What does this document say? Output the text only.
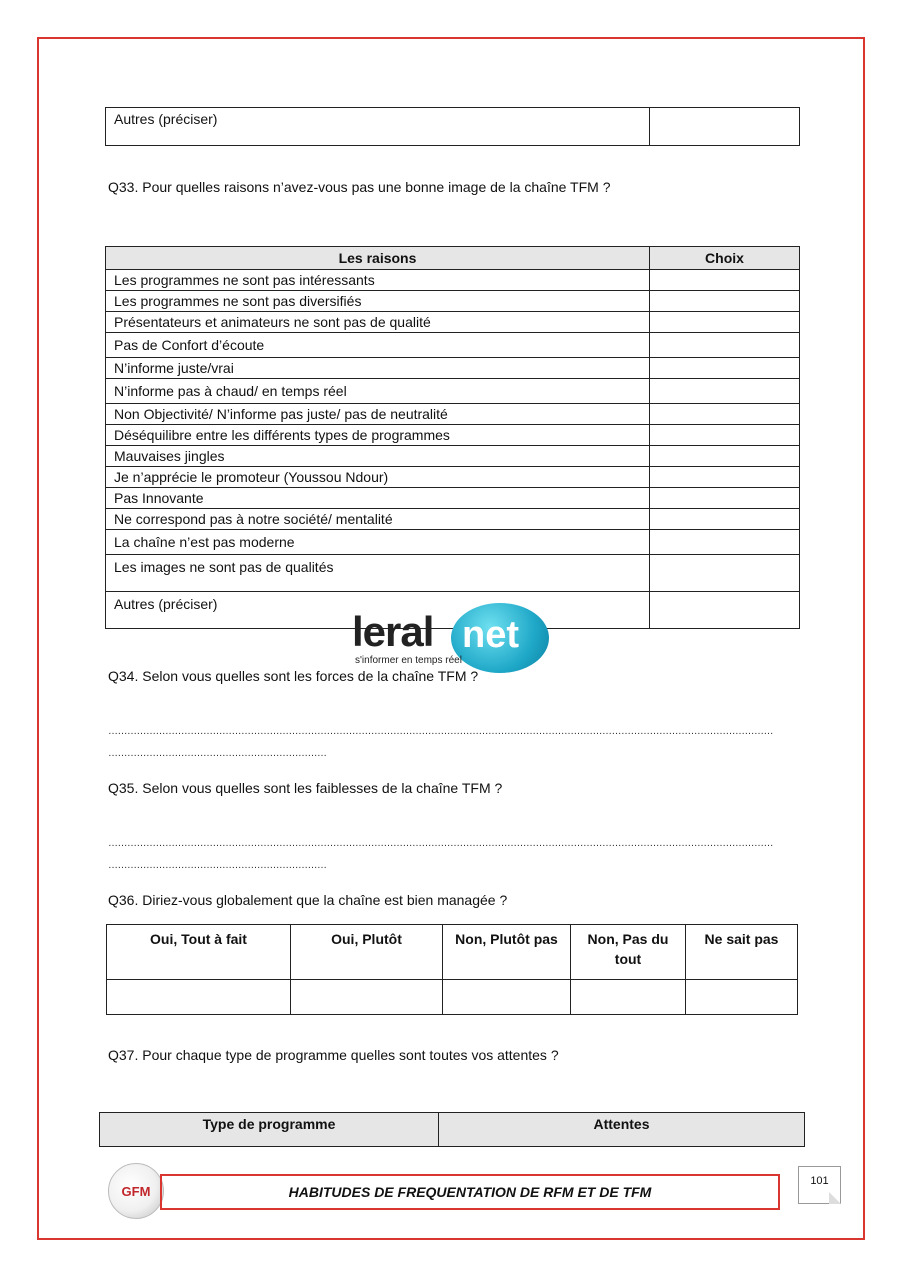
Autres (préciser)	
Q33. Pour quelles raisons n’avez-vous pas une bonne image de la chaîne TFM ?
Les raisons	Choix
Les programmes ne sont pas intéressants	
Les programmes ne sont pas diversifiés	
Présentateurs et animateurs ne sont pas de qualité	
Pas de Confort d’écoute	
N’informe juste/vrai	
N’informe pas à chaud/ en temps réel	
Non Objectivité/ N’informe pas juste/ pas de neutralité	
Déséquilibre entre les différents types de programmes	
Mauvaises jingles	
Je n’apprécie le promoteur (Youssou Ndour)	
Pas Innovante	
Ne correspond pas à notre société/ mentalité	
La chaîne n’est pas moderne	
Les images ne sont pas de qualités	
Autres (préciser)	
leral net
s'informer en temps réel
Q34. Selon vous quelles sont les forces de la chaîne TFM ?
…………………………………………………………………………………………………………………………………………………………………………………………
……………………………………………………………
Q35. Selon vous quelles sont les faiblesses de la chaîne TFM ?
…………………………………………………………………………………………………………………………………………………………………………………………
……………………………………………………………
Q36. Diriez-vous globalement que la chaîne est bien managée ?
Oui, Tout à fait	Oui, Plutôt	Non, Plutôt pas	Non, Pas du tout	Ne sait pas

Q37. Pour chaque type de programme quelles sont toutes vos attentes ?
Type de programme	Attentes
GFM	HABITUDES DE FREQUENTATION DE RFM ET DE TFM
101
